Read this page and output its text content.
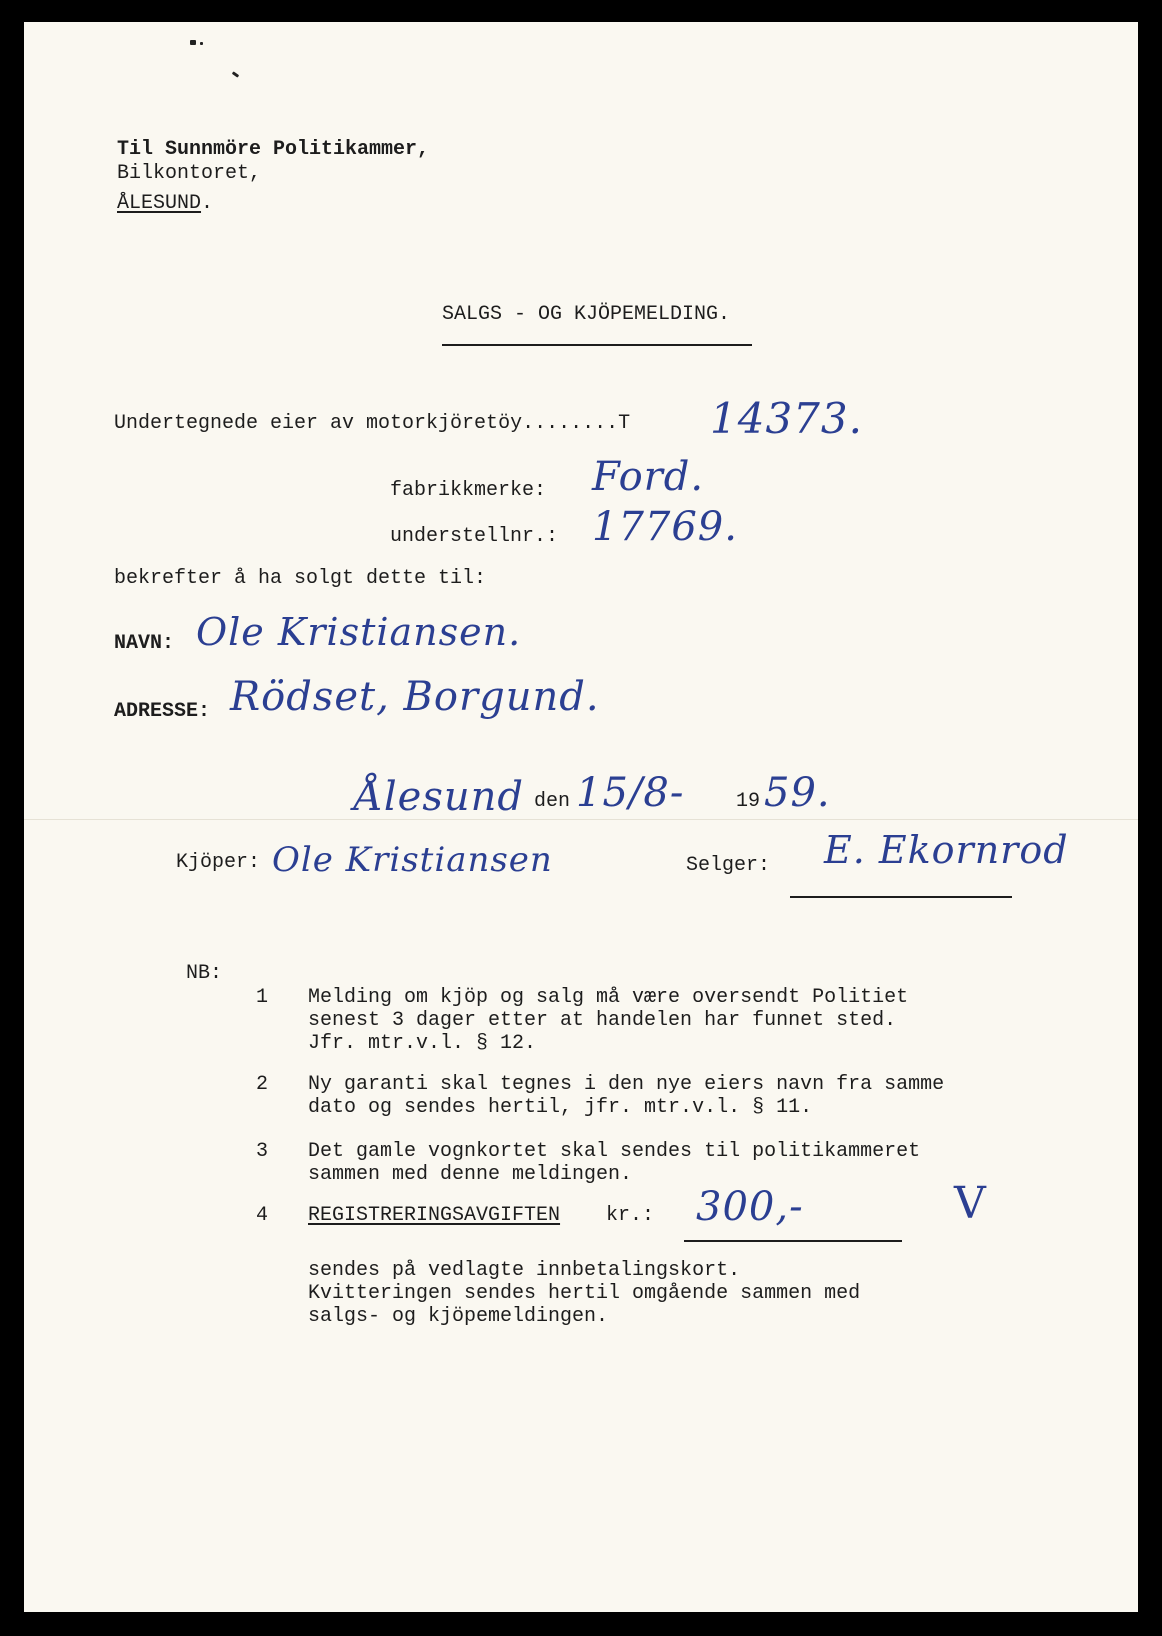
Til Sunnmöre Politikammer,
Bilkontoret,
ÅLESUND.
SALGS - OG KJÖPEMELDING.
Undertegnede eier av motorkjöretöy........T 14373.
fabrikkmerke: Ford.
understellnr.: 17769.
bekrefter å ha solgt dette til:
NAVN: Ole Kristiansen.
ADRESSE: Rödset, Borgund.
Ålesund den 15/8-	19 59.
Kjöper: Ole Kristiansen	Selger: E. Ekornrod
NB:
1	Melding om kjöp og salg må være oversendt Politiet
senest 3 dager etter at handelen har funnet sted.
Jfr. mtr.v.l. § 12.
2	Ny garanti skal tegnes i den nye eiers navn fra samme
dato og sendes hertil, jfr. mtr.v.l. § 11.
3	Det gamle vognkortet skal sendes til politikammeret
sammen med denne meldingen.
4	REGISTRERINGSAVGIFTEN kr.: 300,-	V
sendes på vedlagte innbetalingskort.
Kvitteringen sendes hertil omgående sammen med
salgs- og kjöpemeldingen.
